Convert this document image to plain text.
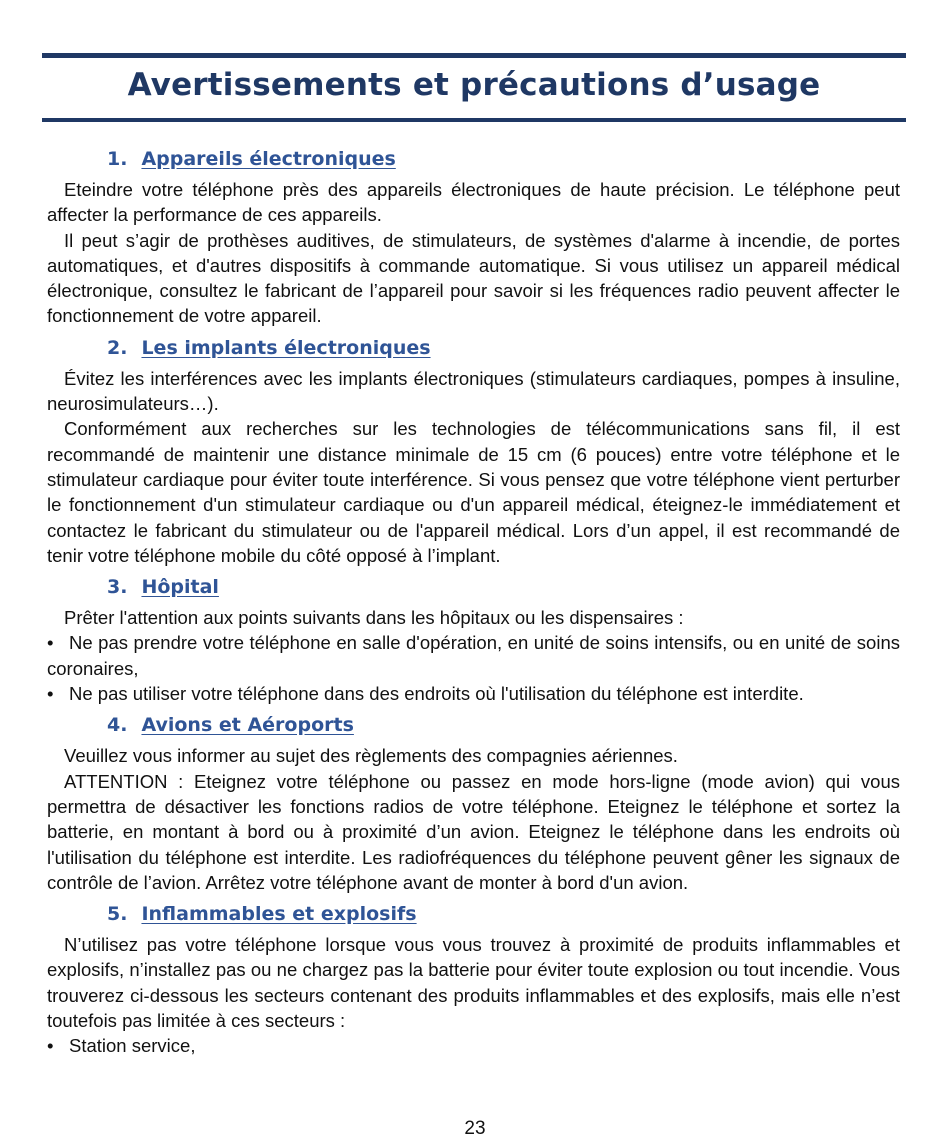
Avertissements et précautions d’usage
1. Appareils électroniques

Eteindre votre téléphone près des appareils électroniques de haute précision. Le téléphone peut affecter la performance de ces appareils.

Il peut s’agir de prothèses auditives, de stimulateurs, de systèmes d'alarme à incendie, de portes automatiques, et d'autres dispositifs à commande automatique. Si vous utilisez un appareil médical électronique, consultez le fabricant de l’appareil pour savoir si les fréquences radio peuvent affecter le fonctionnement de votre appareil.

2. Les implants électroniques

Évitez les interférences avec les implants électroniques (stimulateurs cardiaques, pompes à insuline, neurosimulateurs…).

Conformément aux recherches sur les technologies de télécommunications sans fil, il est recommandé de maintenir une distance minimale de 15 cm (6 pouces) entre votre téléphone et le stimulateur cardiaque pour éviter toute interférence. Si vous pensez que votre téléphone vient perturber le fonctionnement d'un stimulateur cardiaque ou d'un appareil médical, éteignez-le immédiatement et contactez le fabricant du stimulateur ou de l'appareil médical. Lors d’un appel, il est recommandé de tenir votre téléphone mobile du côté opposé à l’implant.

3. Hôpital

Prêter l'attention aux points suivants dans les hôpitaux ou les dispensaires :

• Ne pas prendre votre téléphone en salle d'opération, en unité de soins intensifs, ou en unité de soins coronaires,

• Ne pas utiliser votre téléphone dans des endroits où l'utilisation du téléphone est interdite.

4. Avions et Aéroports

Veuillez vous informer au sujet des règlements des compagnies aériennes.

ATTENTION : Eteignez votre téléphone ou passez en mode hors-ligne (mode avion) qui vous permettra de désactiver les fonctions radios de votre téléphone. Eteignez le téléphone et sortez la batterie, en montant à bord ou à proximité d’un avion. Eteignez le téléphone dans les endroits où l'utilisation du téléphone est interdite. Les radiofréquences du téléphone peuvent gêner les signaux de contrôle de l’avion. Arrêtez votre téléphone avant de monter à bord d'un avion.

5. Inflammables et explosifs

N’utilisez pas votre téléphone lorsque vous vous trouvez à proximité de produits inflammables et explosifs, n’installez pas ou ne chargez pas la batterie pour éviter toute explosion ou tout incendie. Vous trouverez ci-dessous les secteurs contenant des produits inflammables et des explosifs, mais elle n’est toutefois pas limitée à ces secteurs :

• Station service,

23
